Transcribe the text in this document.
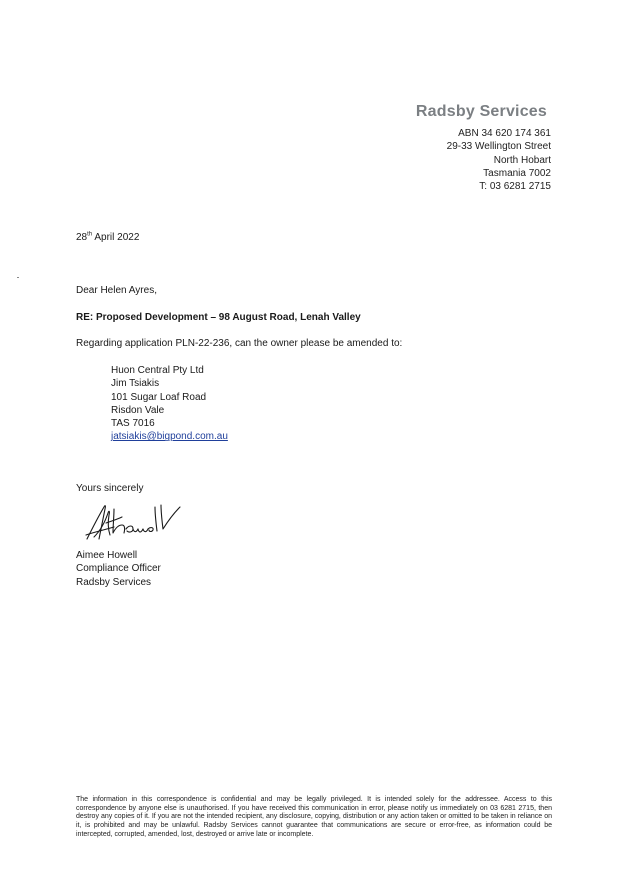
Radsby Services
ABN 34 620 174 361
29-33 Wellington Street
North Hobart
Tasmania 7002
T: 03 6281 2715
28th April 2022
Dear Helen Ayres,
RE: Proposed Development – 98 August Road, Lenah Valley
Regarding application PLN-22-236, can the owner please be amended to:
Huon Central Pty Ltd
Jim Tsiakis
101 Sugar Loaf Road
Risdon Vale
TAS 7016
jatsiakis@bigpond.com.au
Yours sincerely
Aimee Howell
Compliance Officer
Radsby Services
The information in this correspondence is confidential and may be legally privileged. It is intended solely for the addressee. Access to this correspondence by anyone else is unauthorised. If you have received this communication in error, please notify us immediately on 03 6281 2715, then destroy any copies of it. If you are not the intended recipient, any disclosure, copying, distribution or any action taken or omitted to be taken in reliance on it, is prohibited and may be unlawful. Radsby Services cannot guarantee that communications are secure or error-free, as information could be intercepted, corrupted, amended, lost, destroyed or arrive late or incomplete.
